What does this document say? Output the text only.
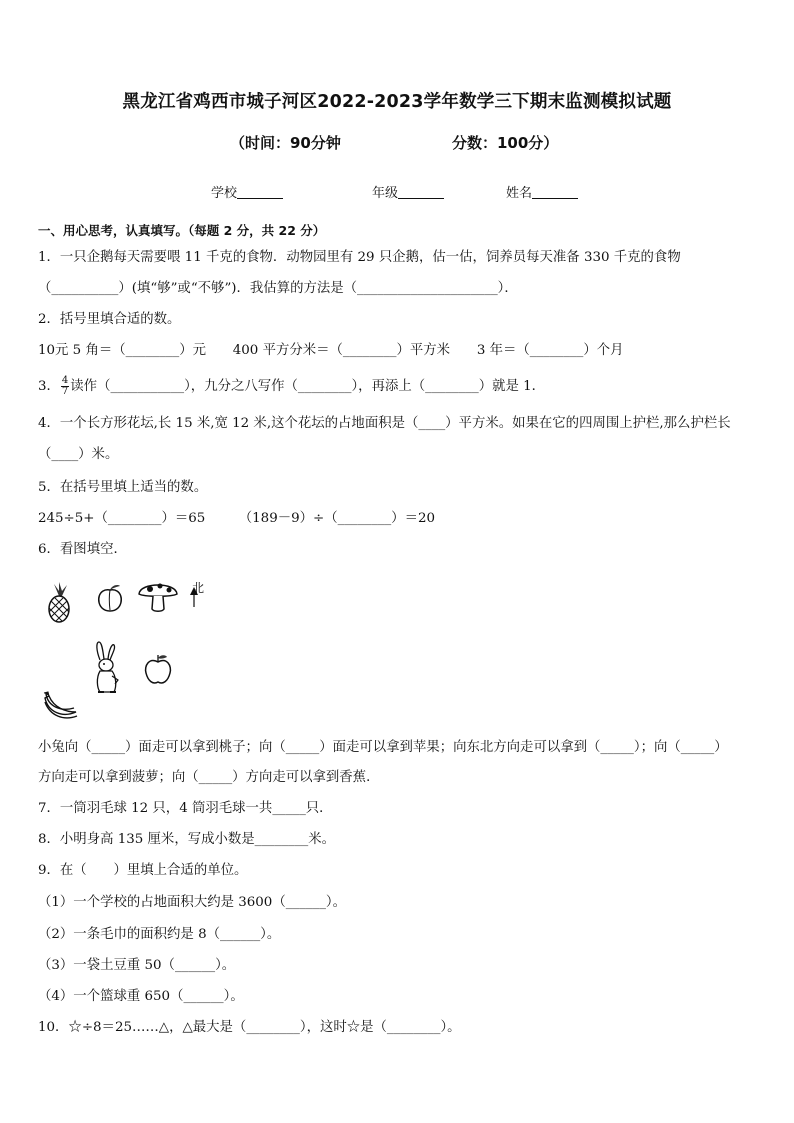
黑龙江省鸡西市城子河区2022-2023学年数学三下期末监测模拟试题
（时间：90分钟	分数：100分）
学校	年级	姓名
一、用心思考，认真填写。（每题 2 分，共 22 分）
1．一只企鹅每天需要喂 11 千克的食物．动物园里有 29 只企鹅，估一估，饲养员每天准备 330 千克的食物
（__________）(填“够”或“不够”)．我估算的方法是（_____________________）．
2．括号里填合适的数。
10元 5 角＝（________）元　　400 平方分米＝（________）平方米　　3 年＝（________）个月
3． $\frac{4}{7}$ 读作（___________），九分之八写作（________），再添上（________）就是 1．
4．一个长方形花坛,长 15 米,宽 12 米,这个花坛的占地面积是（____）平方米。如果在它的四周围上护栏,那么护栏长
（____）米。
5．在括号里填上适当的数。
245÷5+（________）＝65　　　（189－9）÷（________）＝20
6．看图填空．
北
小兔向（_____）面走可以拿到桃子；向（_____）面走可以拿到苹果；向东北方向走可以拿到（_____）；向（_____）
方向走可以拿到菠萝；向（_____）方向走可以拿到香蕉．
7．一筒羽毛球 12 只，4 筒羽毛球一共_____只．
8．小明身高 135 厘米，写成小数是________米。
9．在（　　）里填上合适的单位。
（1）一个学校的占地面积大约是 3600（______）。
（2）一条毛巾的面积约是 8（______）。
（3）一袋土豆重 50（______）。
（4）一个篮球重 650（______）。
10．☆÷8＝25……△，△最大是（________），这时☆是（________）。
